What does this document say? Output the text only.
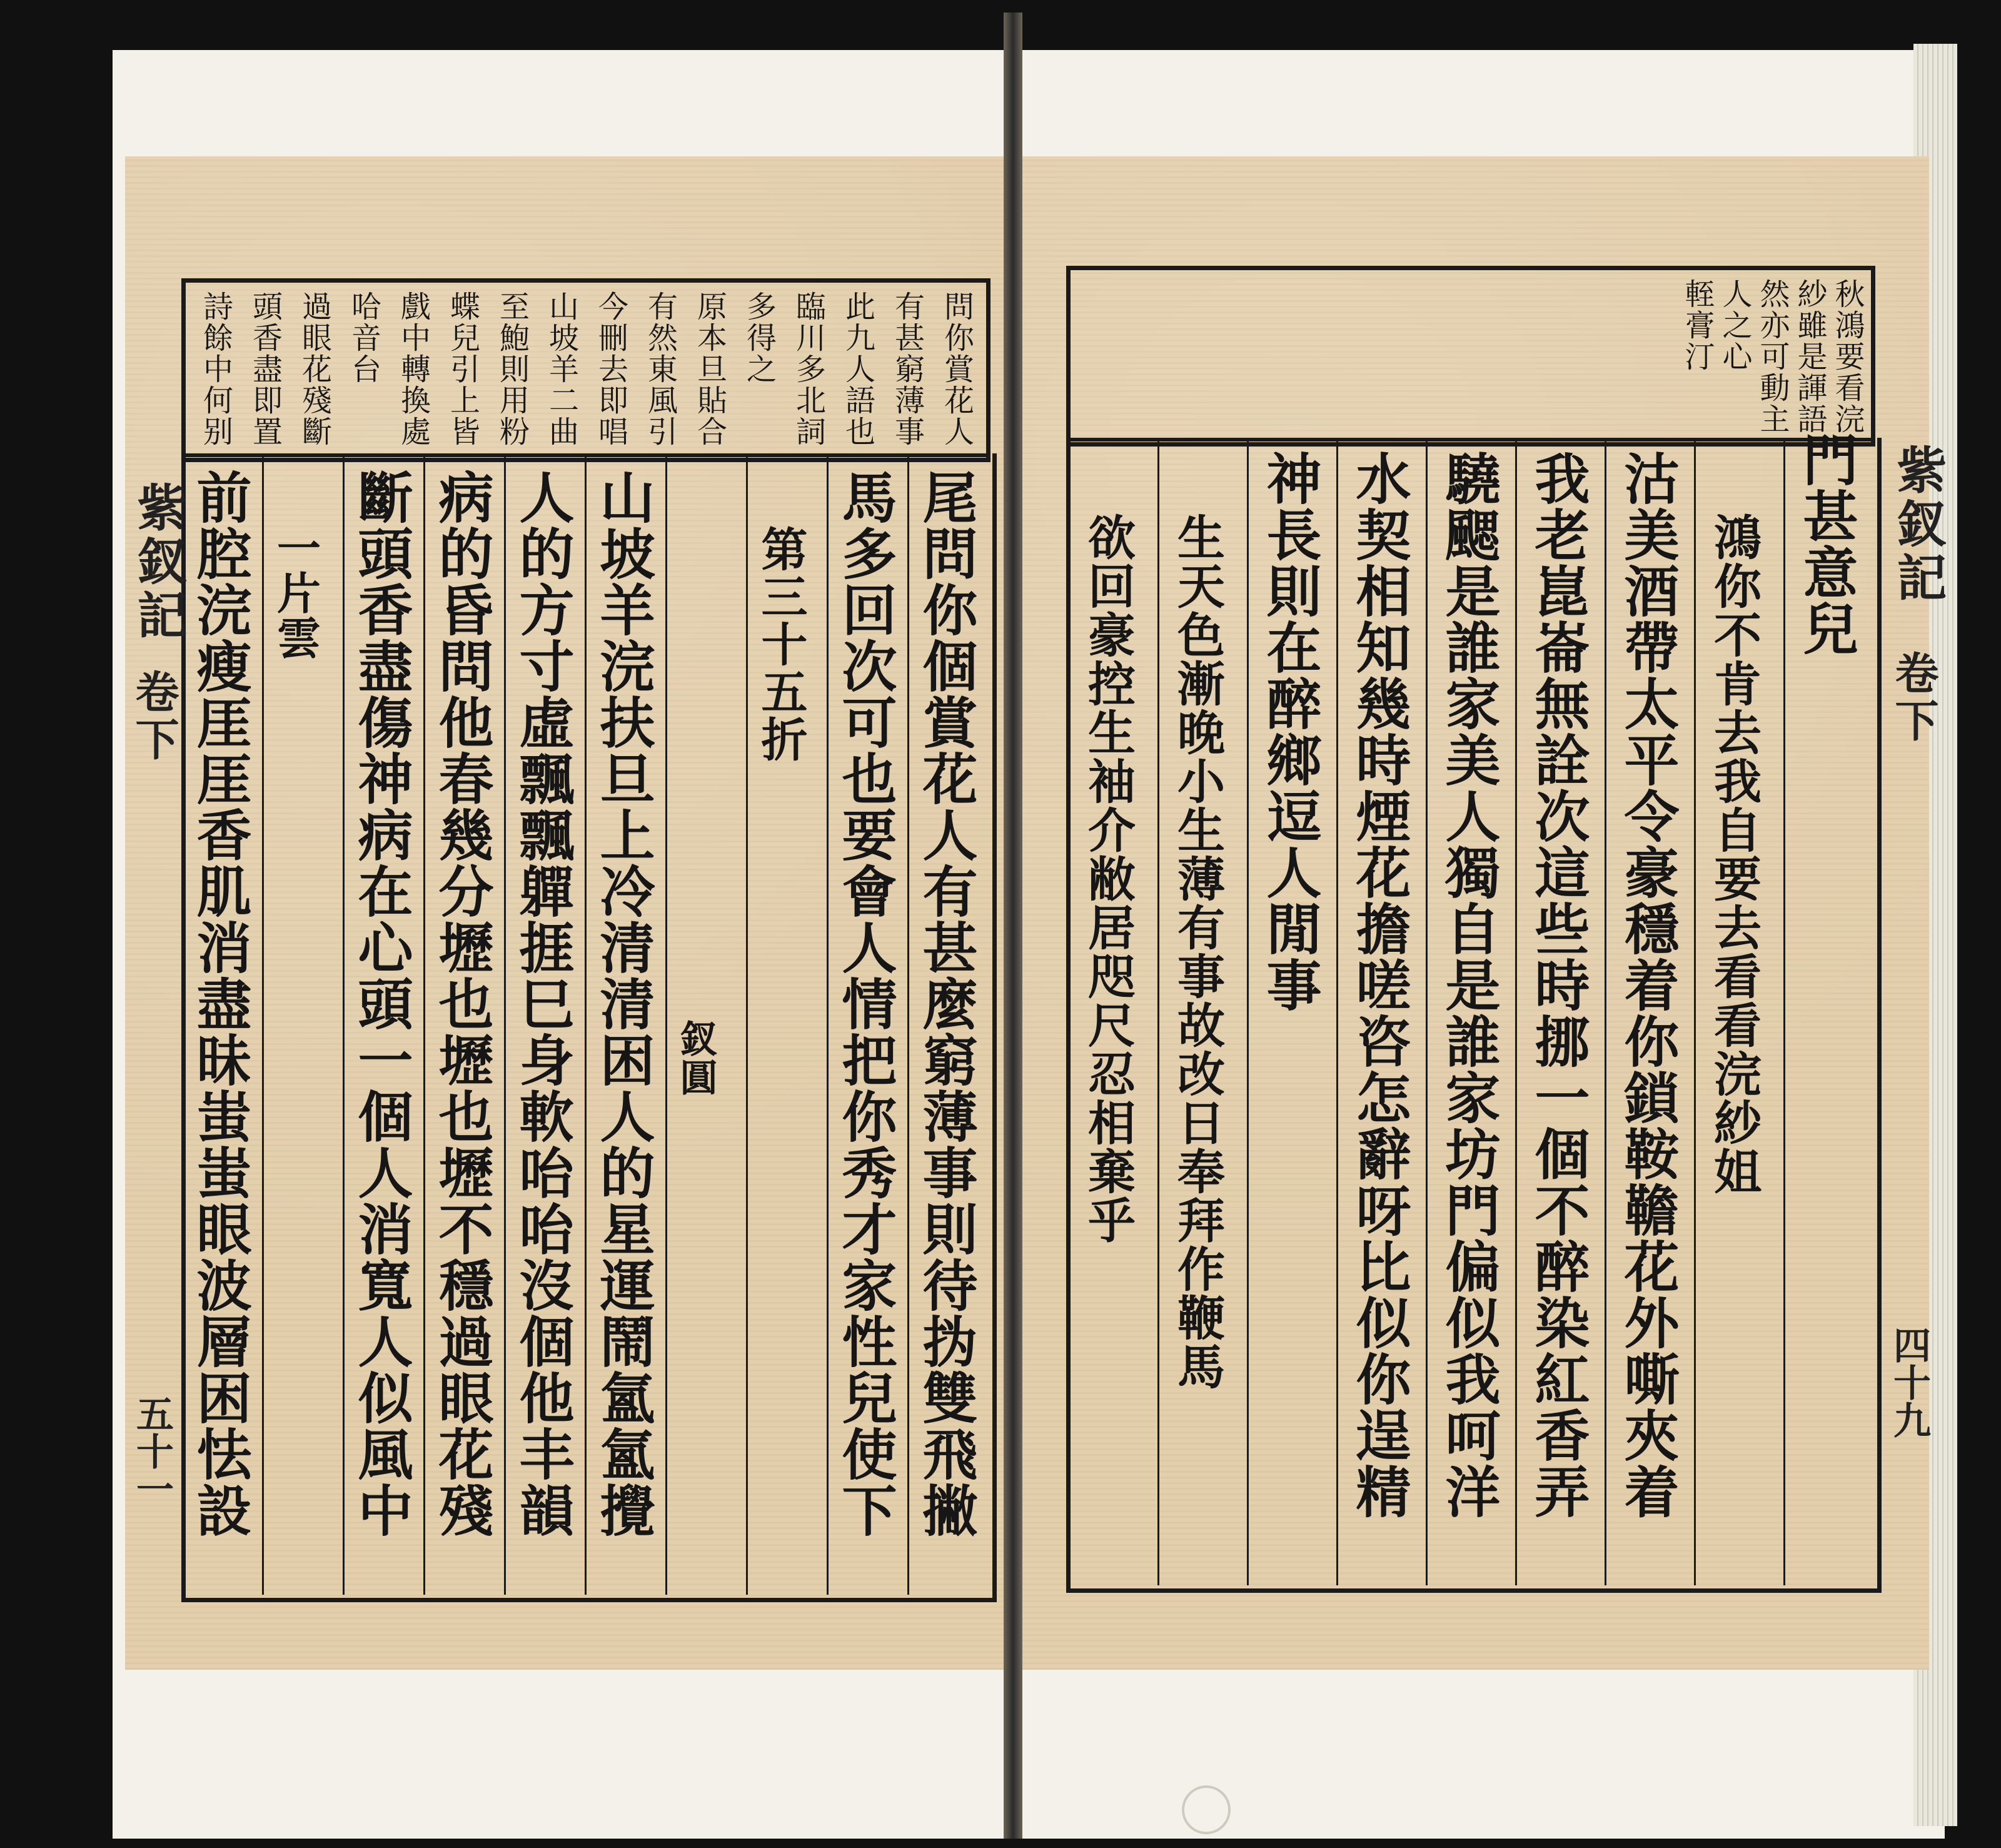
問你賞花人
有甚窮薄事
此九人語也
臨川多北詞
多得之
原本旦貼合
有然東風引
今刪去即唱
山坡羊二曲
至鮑則用粉
蝶兒引上皆
戲中轉換處
哈音台
過眼花殘斷
頭香盡即置
詩餘中何别
尾問你個賞花人有甚麼窮薄事則待㧑雙飛撇
馬多回次可也要會人情把你秀才家性兒使下
第三十五折
釵圓
山坡羊浣扶旦上冷清清困人的星運鬧氳氳攪
人的方寸虛飄飄軃捱巳身軟咍咍沒個他丰韻
病的昏問他春幾分壢也壢也壢不穩過眼花殘
斷頭香盡傷神病在心頭一個人消寬人似風中
一片雲
前腔浣瘦厓厓香肌消盡昧蚩蚩眼波層困怯設
紫釵記
卷下
五十一
秋鴻要看浣
紗雖是諢語
然亦可動主
人之心
輊膏汀
門甚意兒
鴻你不肯去我自要去看看浣紗姐
沽美酒帶太平令豪穩着你鎖鞍韂花外嘶夾着
我老崑崙無詮次這些時挪一個不醉染紅香弄
驍颸是誰家美人獨自是誰家坊門偏似我呵洋
水契相知幾時煙花擔嗟咨怎辭呀比似你逞精
神長則在醉鄉逗人閒事
生天色漸晚小生薄有事故改日奉拜作鞭馬
欲回豪控生袖介敝居咫尺忍相棄乎	紫釵記
卷下
四十九
